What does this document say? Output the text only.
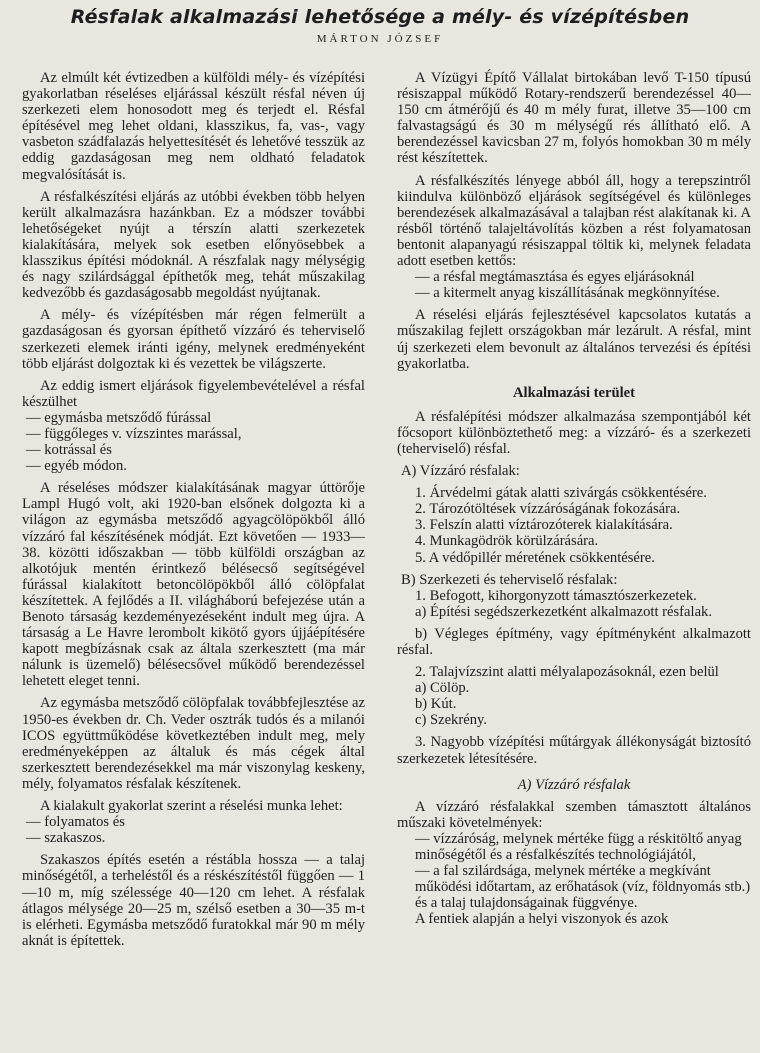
Résfalak alkalmazási lehetősége a mély- és vízépítésben
MÁRTON JÓZSEF

Az elmúlt két évtizedben a külföldi mély- és vízépítési gyakorlatban réseléses eljárással készült résfal néven új szerkezeti elem honosodott meg és terjedt el. Résfal építésével meg lehet oldani, klasszikus, fa, vas-, vagy vasbeton szádfalazás helyettesítését és lehetővé tesszük az eddig gazdaságosan meg nem oldható feladatok megvalósítását is.

A résfalkészítési eljárás az utóbbi években több helyen került alkalmazásra hazánkban. Ez a módszer további lehetőségeket nyújt a térszín alatti szerkezetek kialakítására, melyek sok esetben előnyösebbek a klasszikus építési módoknál. A részfalak nagy mélységig és nagy szilárdsággal építhetők meg, tehát műszakilag kedvezőbb és gazdaságosabb megoldást nyújtanak.

A mély- és vízépítésben már régen felmerült a gazdaságosan és gyorsan építhető vízzáró és teherviselő szerkezeti elemek iránti igény, melynek eredményeként több eljárást dolgoztak ki és vezettek be világszerte.

Az eddig ismert eljárások figyelembevételével a résfal készülhet

— egymásba metsződő fúrással

— függőleges v. vízszintes marással,

— kotrással és

— egyéb módon.

A réseléses módszer kialakításának magyar úttörője Lampl Hugó volt, aki 1920-ban elsőnek dolgozta ki a világon az egymásba metsződő agyagcölöpökből álló vízzáró fal készítésének módját. Ezt követően — 1933—38. közötti időszakban — több külföldi országban az alkotójuk mentén érintkező bélésecső segítségével fúrással kialakított betoncölöpökből álló cölöpfalat készítettek. A fejlődés a II. világháború befejezése után a Benoto társaság kezdeményezéseként indult meg újra. A társaság a Le Havre lerombolt kikötő gyors újjáépítésére kapott megbízásnak csak az általa szerkesztett (ma már nálunk is üzemelő) bélésecsővel működő berendezéssel lehetett eleget tenni.

Az egymásba metsződő cölöpfalak továbbfejlesztése az 1950-es években dr. Ch. Veder osztrák tudós és a milanói ICOS együttműködése következtében indult meg, mely eredményeképpen az általuk és más cégek által szerkesztett berendezésekkel ma már viszonylag keskeny, mély, folyamatos résfalak készítenek.

A kialakult gyakorlat szerint a réselési munka lehet:

— folyamatos és

— szakaszos.

Szakaszos építés esetén a réstábla hossza — a talaj minőségétől, a terheléstől és a réskészítéstől függően — 1—10 m, míg szélessége 40—120 cm lehet. A résfalak átlagos mélysége 20—25 m, szélső esetben a 30—35 m-t is elérheti. Egymásba metsződő furatokkal már 90 m mély aknát is építettek.

A Vízügyi Építő Vállalat birtokában levő T-150 típusú résiszappal működő Rotary-rendszerű berendezéssel 40—150 cm átmérőjű és 40 m mély furat, illetve 35—100 cm falvastagságú és 30 m mélységű rés állítható elő. A berendezéssel kavicsban 27 m, folyós homokban 30 m mély rést készítettek.

A résfalkészítés lényege abból áll, hogy a terepszintről kiindulva különböző eljárások segítségével és különleges berendezések alkalmazásával a talajban rést alakítanak ki. A résből történő talajeltávolítás közben a rést folyamatosan bentonit alapanyagú résiszappal töltik ki, melynek feladata adott esetben kettős:

— a résfal megtámasztása és egyes eljárásoknál

— a kitermelt anyag kiszállításának megkönnyítése.

A réselési eljárás fejlesztésével kapcsolatos kutatás a műszakilag fejlett országokban már lezárult. A résfal, mint új szerkezeti elem bevonult az általános tervezési és építési gyakorlatba.

Alkalmazási terület

A résfalépítési módszer alkalmazása szempontjából két főcsoport különböztethető meg: a vízzáró- és a szerkezeti (teherviselő) résfal.

A) Vízzáró résfalak:

1. Árvédelmi gátak alatti szivárgás csökkentésére.

2. Tározótöltések vízzáróságának fokozására.

3. Felszín alatti víztározóterek kialakítására.

4. Munkagödrök körülzárására.

5. A védőpillér méretének csökkentésére.

B) Szerkezeti és teherviselő résfalak:

1. Befogott, kihorgonyzott támasztószerkezetek.

a) Építési segédszerkezetként alkalmazott résfalak.

b) Végleges építmény, vagy építményként alkalmazott résfal.

2. Talajvízszint alatti mélyalapozásoknál, ezen belül

a) Cölöp.

b) Kút.

c) Szekrény.

3. Nagyobb vízépítési műtárgyak állékonyságát biztosító szerkezetek létesítésére.

A) Vízzáró résfalak

A vízzáró résfalakkal szemben támasztott általános műszaki követelmények:

— vízzáróság, melynek mértéke függ a réskitöltő anyag minőségétől és a résfalkészítés technológiájától,

— a fal szilárdsága, melynek mértéke a megkívánt működési időtartam, az erőhatások (víz, földnyomás stb.) és a talaj tulajdonságainak függvénye.

A fentiek alapján a helyi viszonyok és azok
